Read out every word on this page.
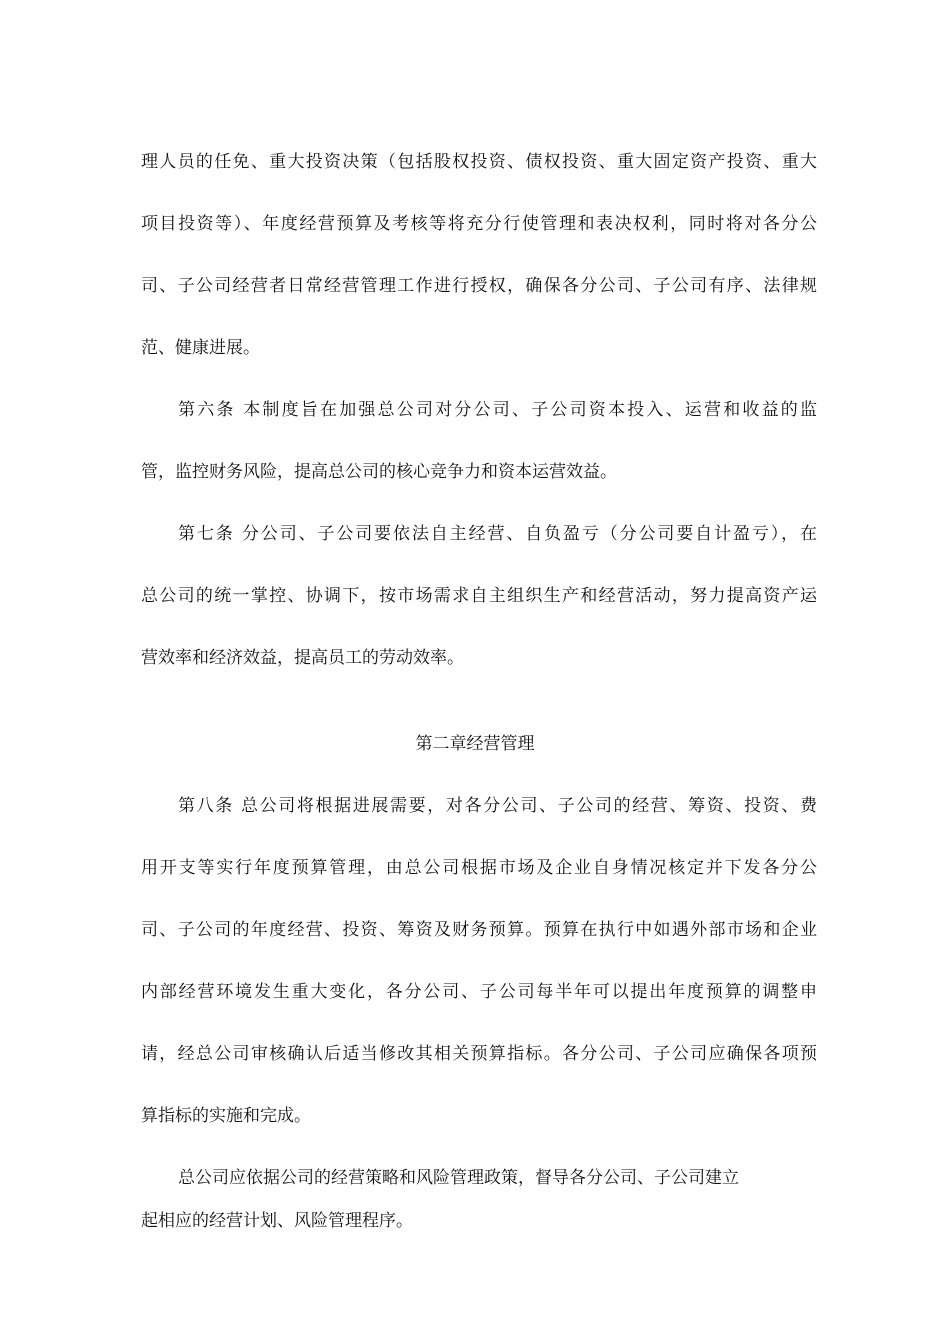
理人员的任免、重大投资决策（包括股权投资、债权投资、重大固定资产投资、重大
项目投资等）、年度经营预算及考核等将充分行使管理和表决权利，同时将对各分公
司、子公司经营者日常经营管理工作进行授权，确保各分公司、子公司有序、法律规
范、健康进展。
第六条 本制度旨在加强总公司对分公司、子公司资本投入、运营和收益的监
管，监控财务风险，提高总公司的核心竞争力和资本运营效益。
第七条 分公司、子公司要依法自主经营、自负盈亏（分公司要自计盈亏），在
总公司的统一掌控、协调下，按市场需求自主组织生产和经营活动，努力提高资产运
营效率和经济效益，提高员工的劳动效率。
第二章经营管理
第八条 总公司将根据进展需要，对各分公司、子公司的经营、筹资、投资、费
用开支等实行年度预算管理，由总公司根据市场及企业自身情况核定并下发各分公
司、子公司的年度经营、投资、筹资及财务预算。预算在执行中如遇外部市场和企业
内部经营环境发生重大变化，各分公司、子公司每半年可以提出年度预算的调整申
请，经总公司审核确认后适当修改其相关预算指标。各分公司、子公司应确保各项预
算指标的实施和完成。
总公司应依据公司的经营策略和风险管理政策，督导各分公司、子公司建立
起相应的经营计划、风险管理程序。
